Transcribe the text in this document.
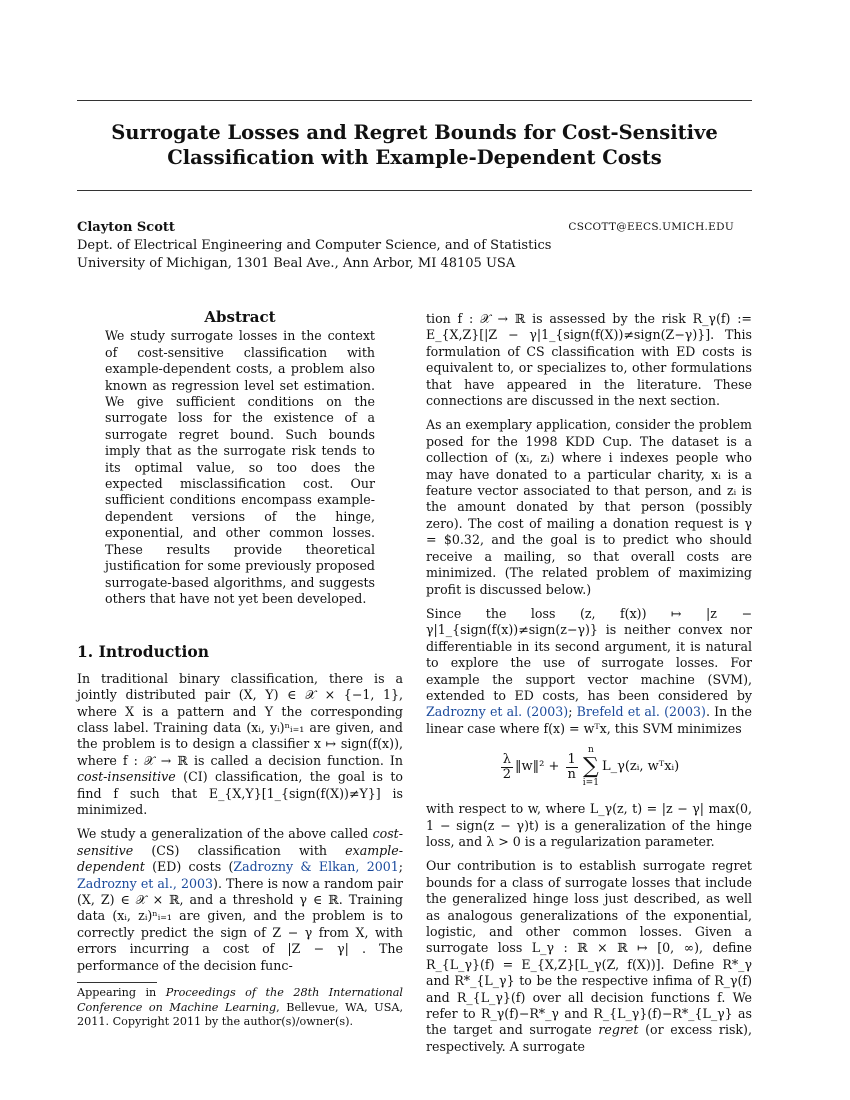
Surrogate Losses and Regret Bounds for Cost-Sensitive
Classification with Example-Dependent Costs
Clayton Scott	CSCOTT@EECS.UMICH.EDU
Dept. of Electrical Engineering and Computer Science, and of Statistics
University of Michigan, 1301 Beal Ave., Ann Arbor, MI 48105 USA
Abstract
We study surrogate losses in the context of cost-sensitive classification with example-dependent costs, a problem also known as regression level set estimation. We give sufficient conditions on the surrogate loss for the existence of a surrogate regret bound. Such bounds imply that as the surrogate risk tends to its optimal value, so too does the expected misclassification cost. Our sufficient conditions encompass example-dependent versions of the hinge, exponential, and other common losses. These results provide theoretical justification for some previously proposed surrogate-based algorithms, and suggests others that have not yet been developed.
1. Introduction

In traditional binary classification, there is a jointly distributed pair (X, Y) ∈ 𝒳 × {−1, 1}, where X is a pattern and Y the corresponding class label. Training data (xᵢ, yᵢ)ⁿᵢ₌₁ are given, and the problem is to design a classifier x ↦ sign(f(x)), where f : 𝒳 → ℝ is called a decision function. In cost-insensitive (CI) classification, the goal is to find f such that E_{X,Y}[1_{sign(f(X))≠Y}] is minimized.

We study a generalization of the above called cost-sensitive (CS) classification with example-dependent (ED) costs (Zadrozny & Elkan, 2001; Zadrozny et al., 2003). There is now a random pair (X, Z) ∈ 𝒳 × ℝ, and a threshold γ ∈ ℝ. Training data (xᵢ, zᵢ)ⁿᵢ₌₁ are given, and the problem is to correctly predict the sign of Z − γ from X, with errors incurring a cost of |Z − γ| . The performance of the decision func-

Appearing in Proceedings of the 28th International Conference on Machine Learning, Bellevue, WA, USA, 2011. Copyright 2011 by the author(s)/owner(s).

tion f : 𝒳 → ℝ is assessed by the risk R_γ(f) := E_{X,Z}[|Z − γ|1_{sign(f(X))≠sign(Z−γ)}]. This formulation of CS classification with ED costs is equivalent to, or specializes to, other formulations that have appeared in the literature. These connections are discussed in the next section.

As an exemplary application, consider the problem posed for the 1998 KDD Cup. The dataset is a collection of (xᵢ, zᵢ) where i indexes people who may have donated to a particular charity, xᵢ is a feature vector associated to that person, and zᵢ is the amount donated by that person (possibly zero). The cost of mailing a donation request is γ = $0.32, and the goal is to predict who should receive a mailing, so that overall costs are minimized. (The related problem of maximizing profit is discussed below.)

Since the loss (z, f(x)) ↦ |z − γ|1_{sign(f(x))≠sign(z−γ)} is neither convex nor differentiable in its second argument, it is natural to explore the use of surrogate losses. For example the support vector machine (SVM), extended to ED costs, has been considered by Zadrozny et al. (2003); Brefeld et al. (2003). In the linear case where f(x) = wᵀx, this SVM minimizes

$\frac{\lambda}{2}$ ‖w‖² + $\frac{1}{n}$
n
∑
i=1
L_γ(zᵢ, wᵀxᵢ)

with respect to w, where L_γ(z, t) = |z − γ| max(0, 1 − sign(z − γ)t) is a generalization of the hinge loss, and λ > 0 is a regularization parameter.

Our contribution is to establish surrogate regret bounds for a class of surrogate losses that include the generalized hinge loss just described, as well as analogous generalizations of the exponential, logistic, and other common losses. Given a surrogate loss L_γ : ℝ × ℝ ↦ [0, ∞), define R_{L_γ}(f) = E_{X,Z}[L_γ(Z, f(X))]. Define R*_γ and R*_{L_γ} to be the respective infima of R_γ(f) and R_{L_γ}(f) over all decision functions f. We refer to R_γ(f)−R*_γ and R_{L_γ}(f)−R*_{L_γ} as the target and surrogate regret (or excess risk), respectively. A surrogate
